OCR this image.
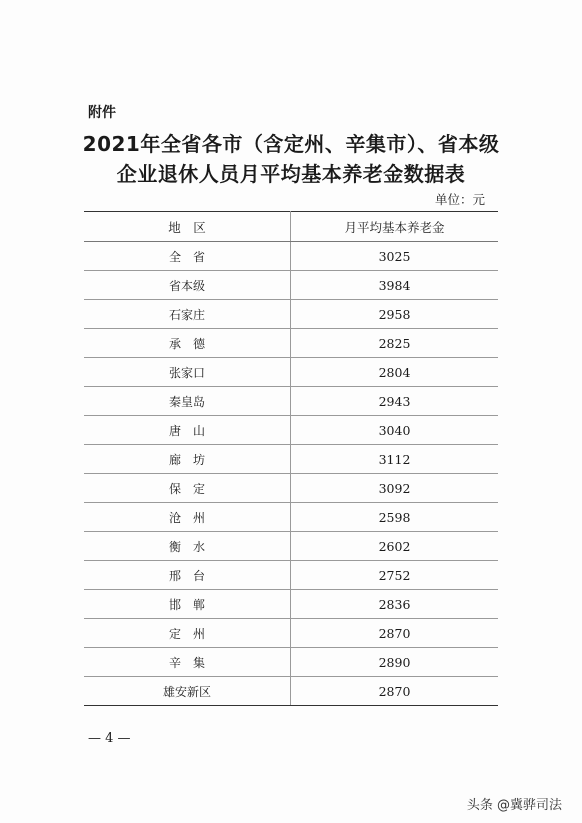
附件
2021年全省各市（含定州、辛集市）、省本级
企业退休人员月平均基本养老金数据表
单位：元
地　区	月平均基本养老金
全　省	3025
省本级	3984
石家庄	2958
承　德	2825
张家口	2804
秦皇岛	2943
唐　山	3040
廊　坊	3112
保　定	3092
沧　州	2598
衡　水	2602
邢　台	2752
邯　郸	2836
定　州	2870
辛　集	2890
雄安新区	2870
— 4 —
头条 @冀骅司法
